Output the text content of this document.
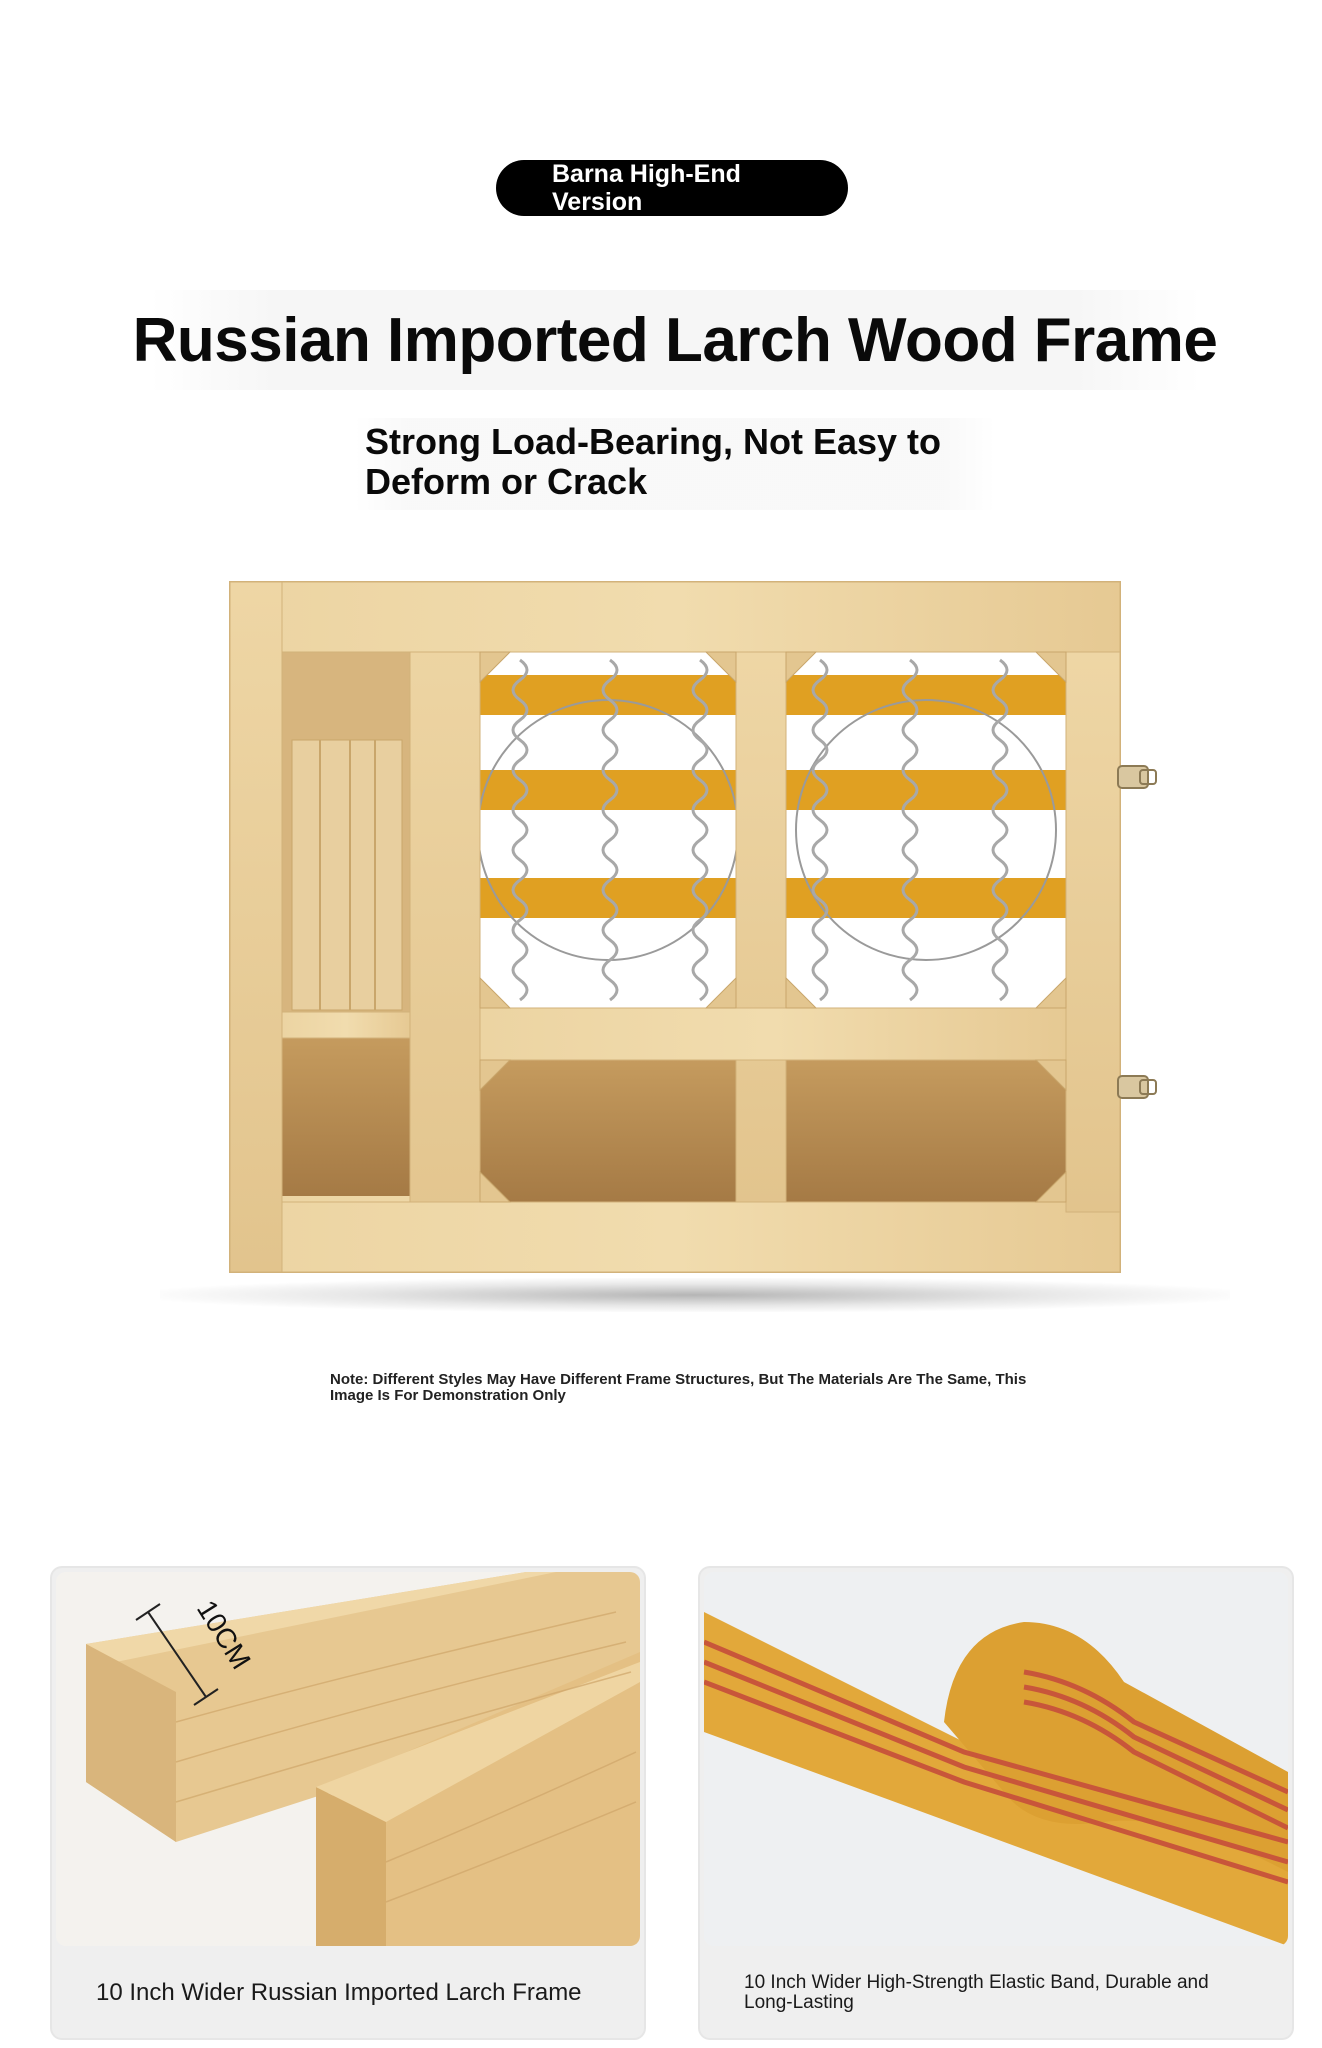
Barna High-End Version
Russian Imported Larch Wood Frame
Strong Load-Bearing, Not Easy to Deform or Crack
Note: Different Styles May Have Different Frame Structures, But The Materials Are The Same, This Image Is For Demonstration Only
10CM
10 Inch Wider Russian Imported Larch Frame	10 Inch Wider High-Strength Elastic Band, Durable and Long-Lasting
